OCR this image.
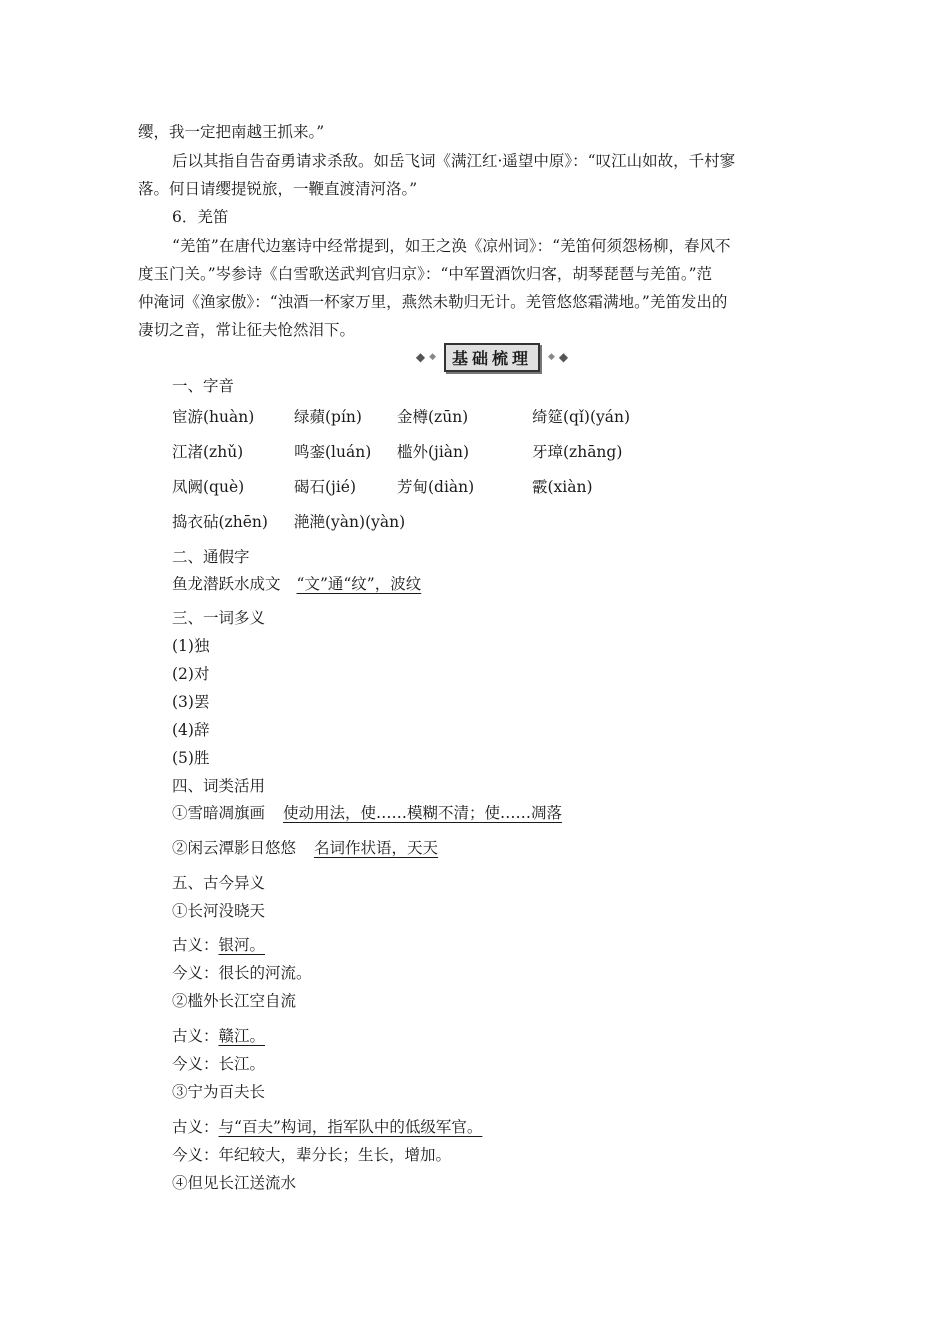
缨，我一定把南越王抓来。”
后以其指自告奋勇请求杀敌。如岳飞词《满江红·遥望中原》：“叹江山如故，千村寥
落。何日请缨提锐旅，一鞭直渡清河洛。”
6．羌笛
“羌笛”在唐代边塞诗中经常提到，如王之涣《凉州词》：“羌笛何须怨杨柳，春风不
度玉门关。”岑参诗《白雪歌送武判官归京》：“中军置酒饮归客，胡琴琵琶与羌笛。”范
仲淹词《渔家傲》：“浊酒一杯家万里，燕然未勒归无计。羌管悠悠霜满地。”羌笛发出的
凄切之音，常让征夫怆然泪下。
◆ ◆	基础梳理	◆ ◆
一、字音
宦游(huàn)	绿蘋(pín) 金樽(zūn)	绮筵(qǐ)(yán)
江渚(zhǔ)	鸣銮(luán) 槛外(jiàn)	牙璋(zhāng)
凤阙(què)	碣石(jié)	芳甸(diàn)	霰(xiàn)
捣衣砧(zhēn) 滟滟(yàn)(yàn)
二、通假字
鱼龙潜跃水成文 “文”通“纹”，波纹
三、一词多义
(1)独
(2)对
(3)罢
(4)辞
(5)胜
四、词类活用
①雪暗凋旗画 使动用法，使……模糊不清；使……凋落
②闲云潭影日悠悠 名词作状语，天天
五、古今异义
①长河没晓天
古义：银河。
今义：很长的河流。
②槛外长江空自流
古义：赣江。
今义：长江。
③宁为百夫长
古义：与“百夫”构词，指军队中的低级军官。
今义：年纪较大，辈分长；生长，增加。
④但见长江送流水
